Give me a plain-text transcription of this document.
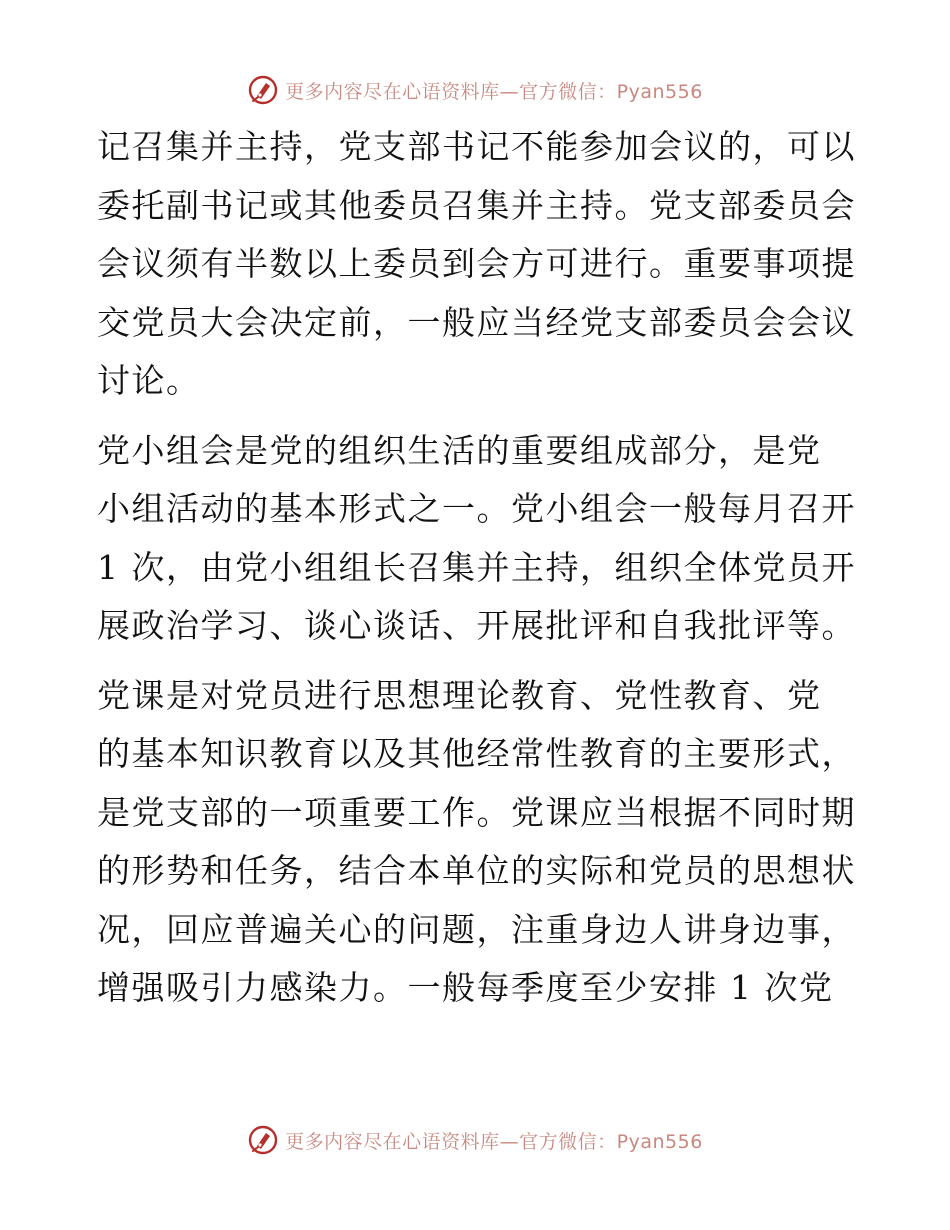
更多内容尽在心语资料库—官方微信：Pyan556

记召集并主持，党支部书记不能参加会议的，可以
委托副书记或其他委员召集并主持。党支部委员会
会议须有半数以上委员到会方可进行。重要事项提
交党员大会决定前，一般应当经党支部委员会会议
讨论。

党小组会是党的组织生活的重要组成部分，是党
小组活动的基本形式之一。党小组会一般每月召开
1 次，由党小组组长召集并主持，组织全体党员开
展政治学习、谈心谈话、开展批评和自我批评等。

党课是对党员进行思想理论教育、党性教育、党
的基本知识教育以及其他经常性教育的主要形式，
是党支部的一项重要工作。党课应当根据不同时期
的形势和任务，结合本单位的实际和党员的思想状
况，回应普遍关心的问题，注重身边人讲身边事，
增强吸引力感染力。一般每季度至少安排 1 次党

更多内容尽在心语资料库—官方微信：Pyan556
